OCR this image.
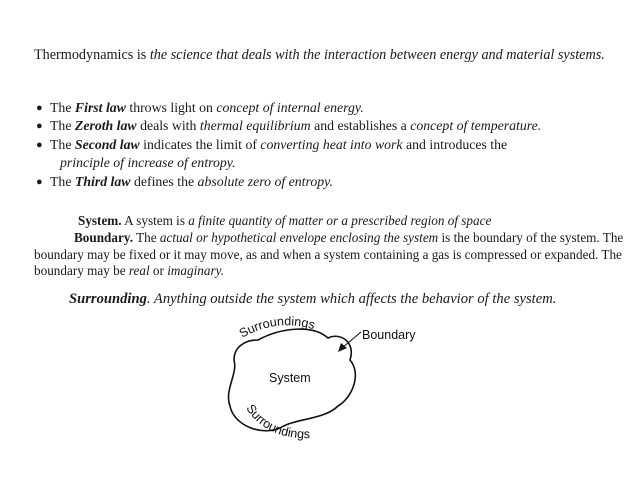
Thermodynamics is the science that deals with the interaction between energy and material systems.
● The First law throws light on concept of internal energy.
● The Zeroth law deals with thermal equilibrium and establishes a concept of temperature.
● The Second law indicates the limit of converting heat into work and introduces the
principle of increase of entropy.
● The Third law defines the absolute zero of entropy.
System. A system is a finite quantity of matter or a prescribed region of space
Boundary. The actual or hypothetical envelope enclosing the system is the boundary of the system. The boundary may be fixed or it may move, as and when a system containing a gas is compressed or expanded. The boundary may be real or imaginary.
Surrounding. Anything outside the system which affects the behavior of the system.
Surroundings
Surroundings
Boundary
System
